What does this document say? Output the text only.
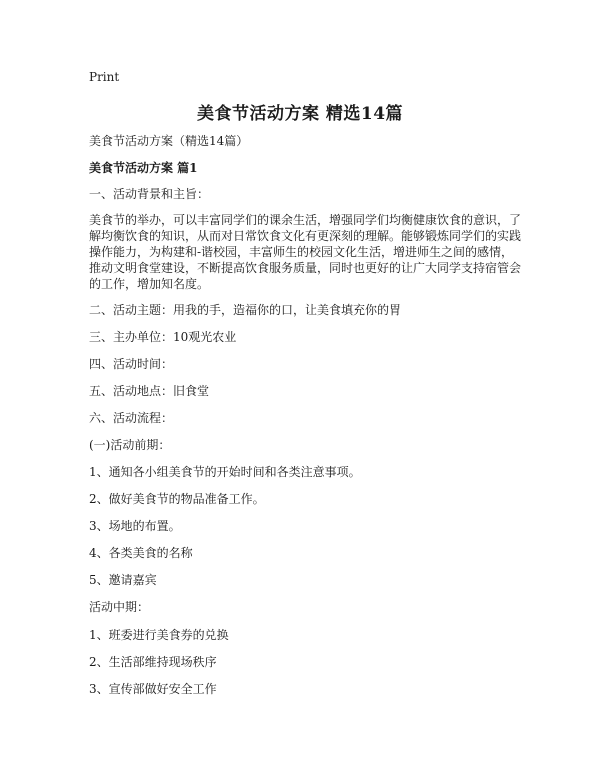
Print
美食节活动方案 精选14篇
美食节活动方案（精选14篇）
美食节活动方案 篇1
一、活动背景和主旨：
美食节的举办，可以丰富同学们的课余生活，增强同学们均衡健康饮食的意识，了
解均衡饮食的知识，从而对日常饮食文化有更深刻的理解。能够锻炼同学们的实践
操作能力，为构建和-谐校园，丰富师生的校园文化生活，增进师生之间的感情，
推动文明食堂建设，不断提高饮食服务质量，同时也更好的让广大同学支持宿管会
的工作，增加知名度。
二、活动主题：用我的手，造福你的口，让美食填充你的胃
三、主办单位：10观光农业
四、活动时间：
五、活动地点：旧食堂
六、活动流程：
(一)活动前期：
1、通知各小组美食节的开始时间和各类注意事项。
2、做好美食节的物品准备工作。
3、场地的布置。
4、各类美食的名称
5、邀请嘉宾
活动中期：
1、班委进行美食券的兑换
2、生活部维持现场秩序
3、宣传部做好安全工作
